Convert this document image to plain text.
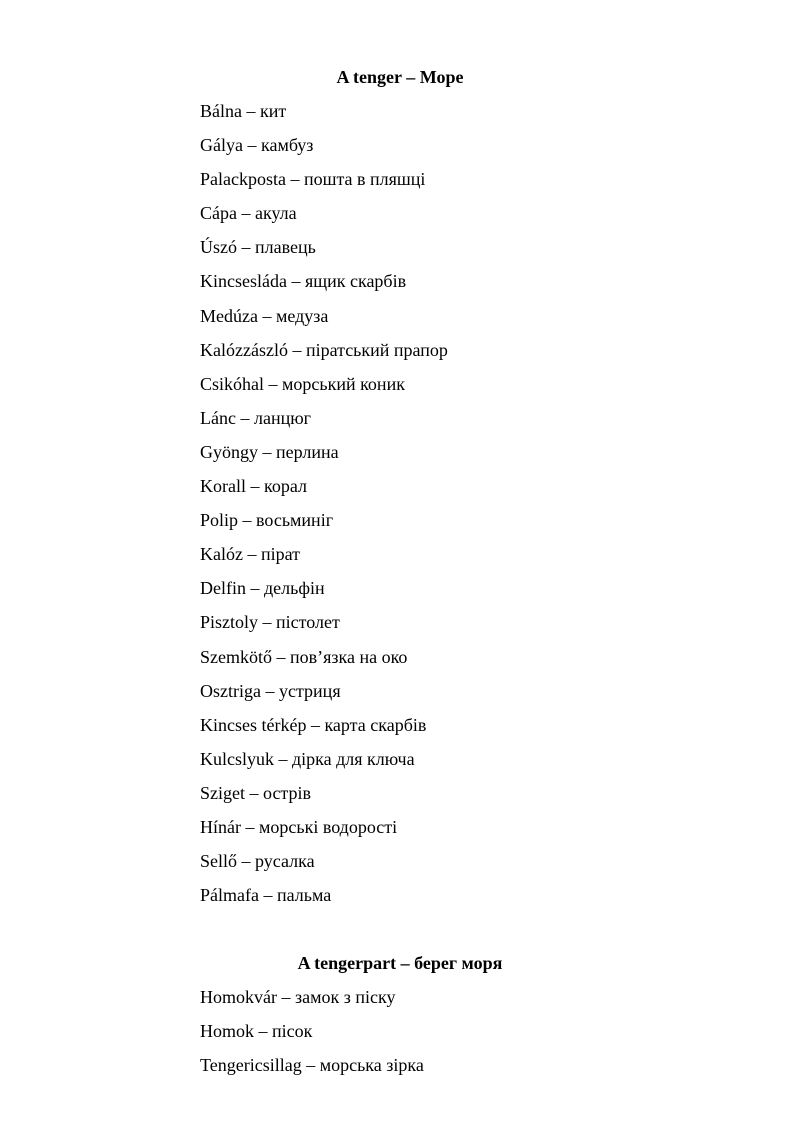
A tenger – Море
Bálna – кит
Gálya – камбуз
Palackposta – пошта в пляшці
Cápa – акула
Úszó – плавець
Kincsesláda – ящик скарбів
Medúza – медуза
Kalózzászló – піратський прапор
Csikóhal – морський коник
Lánc – ланцюг
Gyöngy – перлина
Korall – корал
Polip – восьминіг
Kalóz – пірат
Delfin – дельфін
Pisztoly – пістолет
Szemkötő – пов’язка на око
Osztriga – устриця
Kincses térkép – карта скарбів
Kulcslyuk – дірка для ключа
Sziget – острів
Hínár – морські водорості
Sellő – русалка
Pálmafa – пальма
A tengerpart – берег моря
Homokvár – замок з піску
Homok – пісок
Tengericsillag – морська зірка
